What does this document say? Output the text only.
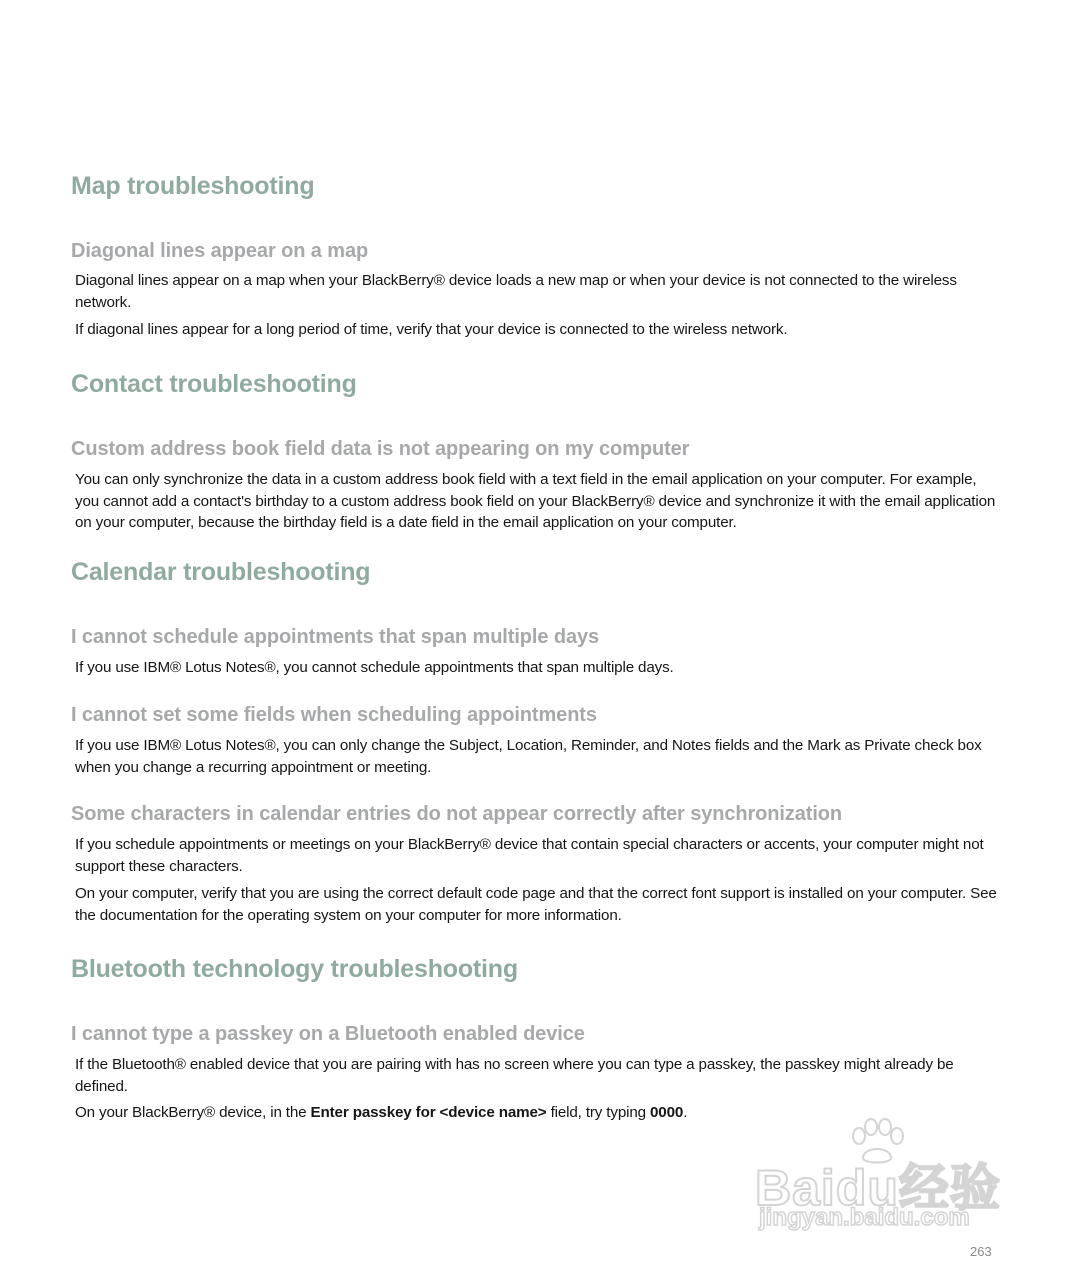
Map troubleshooting
Diagonal lines appear on a map
Diagonal lines appear on a map when your BlackBerry® device loads a new map or when your device is not connected to the wireless network.
If diagonal lines appear for a long period of time, verify that your device is connected to the wireless network.
Contact troubleshooting
Custom address book field data is not appearing on my computer
You can only synchronize the data in a custom address book field with a text field in the email application on your computer. For example, you cannot add a contact's birthday to a custom address book field on your BlackBerry® device and synchronize it with the email application on your computer, because the birthday field is a date field in the email application on your computer.
Calendar troubleshooting
I cannot schedule appointments that span multiple days
If you use IBM® Lotus Notes®, you cannot schedule appointments that span multiple days.
I cannot set some fields when scheduling appointments
If you use IBM® Lotus Notes®, you can only change the Subject, Location, Reminder, and Notes fields and the Mark as Private check box when you change a recurring appointment or meeting.
Some characters in calendar entries do not appear correctly after synchronization
If you schedule appointments or meetings on your BlackBerry® device that contain special characters or accents, your computer might not support these characters.
On your computer, verify that you are using the correct default code page and that the correct font support is installed on your computer. See the documentation for the operating system on your computer for more information.
Bluetooth technology troubleshooting
I cannot type a passkey on a Bluetooth enabled device
If the Bluetooth® enabled device that you are pairing with has no screen where you can type a passkey, the passkey might already be defined.
On your BlackBerry® device, in the Enter passkey for <device name> field, try typing 0000.
Baidu经验
jingyan.baidu.com
263
